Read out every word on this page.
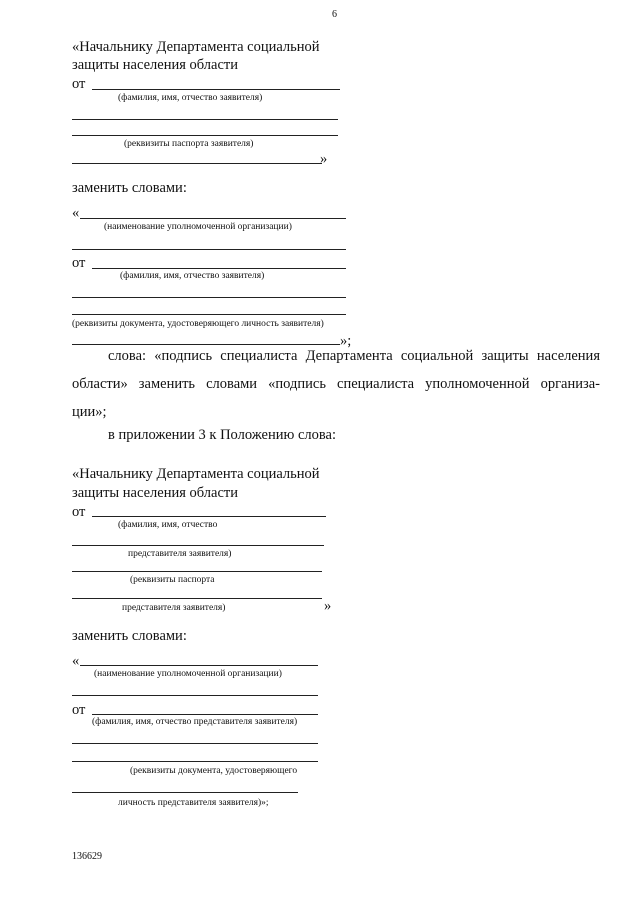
6
«Начальнику Департамента социальной
защиты населения области
от
(фамилия, имя, отчество заявителя)
(реквизиты паспорта заявителя)
»
заменить словами:
«
(наименование уполномоченной организации)
от
(фамилия, имя, отчество заявителя)
(реквизиты документа, удостоверяющего личность заявителя)
»;
слова: «подпись специалиста Департамента социальной защиты населения
области» заменить словами «подпись специалиста уполномоченной организа-
ции»;
в приложении 3 к Положению слова:
«Начальнику Департамента социальной
защиты населения области
от
(фамилия, имя, отчество
представителя заявителя)
(реквизиты паспорта
представителя заявителя)	»
заменить словами:
«
(наименование уполномоченной организации)
от
(фамилия, имя, отчество представителя заявителя)
(реквизиты документа, удостоверяющего
личность представителя заявителя)»;
136629
